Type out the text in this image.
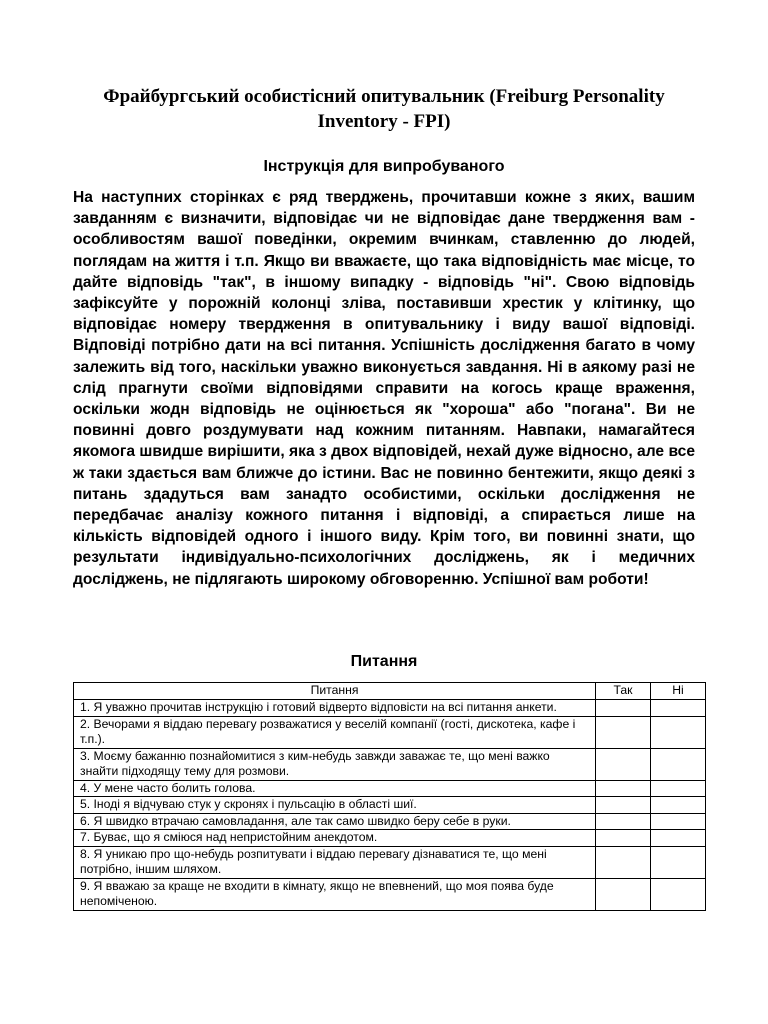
Фрайбургський особистісний опитувальник (Freiburg Personality Inventory - FPI)
Інструкція для випробуваного

На наступних сторінках є ряд тверджень, прочитавши кожне з яких, вашим завданням є визначити, відповідає чи не відповідає дане твердження вам - особливостям вашої поведінки, окремим вчинкам, ставленню до людей, поглядам на життя і т.п. Якщо ви вважаєте, що така відповідність має місце, то дайте відповідь "так", в іншому випадку - відповідь "ні". Свою відповідь зафіксуйте у порожній колонці зліва, поставивши хрестик у клітинку, що відповідає номеру твердження в опитувальнику і виду вашої відповіді. Відповіді потрібно дати на всі питання. Успішність дослідження багато в чому залежить від того, наскільки уважно виконується завдання. Ні в аякому разі не слід прагнути своїми відповідями справити на когось краще враження, оскільки жодн відповідь не оцінюється як "хороша" або "погана". Ви не повинні довго роздумувати над кожним питанням. Навпаки, намагайтеся якомога швидше вирішити, яка з двох відповідей, нехай дуже відносно, але все ж таки здається вам ближче до істини. Вас не повинно бентежити, якщо деякі з питань здадуться вам занадто особистими, оскільки дослідження не передбачає аналізу кожного питання і відповіді, а спирається лише на кількість відповідей одного і іншого виду. Крім того, ви повинні знати, що результати індивідуально-психологічних досліджень, як і медичних досліджень, не підлягають широкому обговоренню. Успішної вам роботи!

Питання
Питання	Так	Ні
1. Я уважно прочитав інструкцію і готовий відверто відповісти на всі питання анкети.		
2. Вечорами я віддаю перевагу розважатися у веселій компанії (гості, дискотека, кафе і т.п.).		
3. Моєму бажанню познайомитися з ким-небудь завжди заважає те, що мені важко знайти підходящу тему для розмови.		
4. У мене часто болить голова.		
5. Іноді я відчуваю стук у скронях і пульсацію в області шиї.		
6. Я швидко втрачаю самовладання, але так само швидко беру себе в руки.		
7. Буває, що я сміюся над непристойним анекдотом.		
8. Я уникаю про що-небудь розпитувати і віддаю перевагу дізнаватися те, що мені потрібно, іншим шляхом.		
9. Я вважаю за краще не входити в кімнату, якщо не впевнений, що моя поява буде непоміченою.		
